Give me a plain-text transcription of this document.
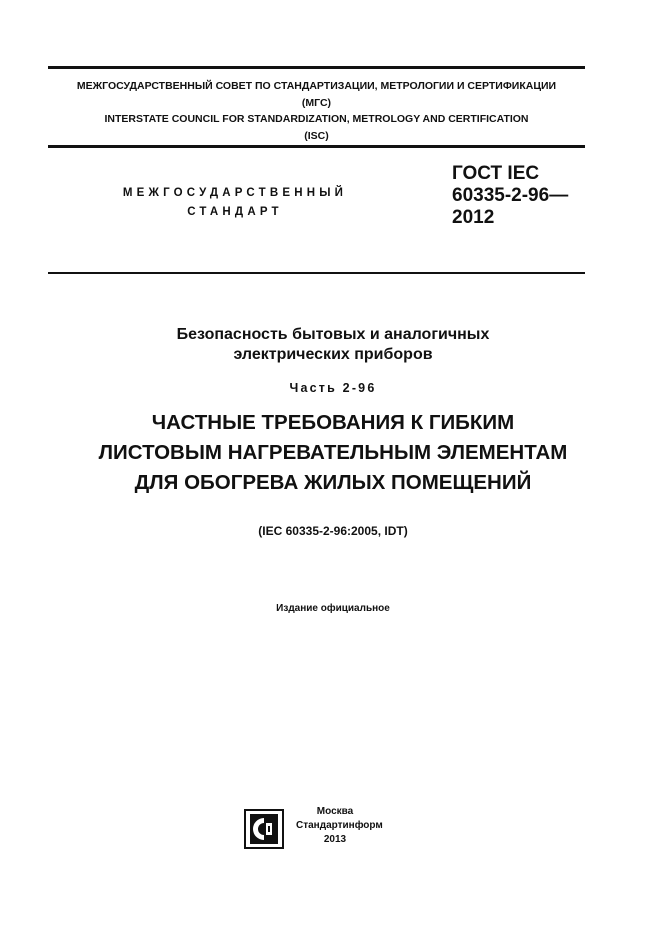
МЕЖГОСУДАРСТВЕННЫЙ СОВЕТ ПО СТАНДАРТИЗАЦИИ, МЕТРОЛОГИИ И СЕРТИФИКАЦИИ
(МГС)
INTERSTATE COUNCIL FOR STANDARDIZATION, METROLOGY AND CERTIFICATION
(ISC)
МЕЖГОСУДАРСТВЕННЫЙ
СТАНДАРТ
ГОСТ IEC
60335-2-96—
2012
Безопасность бытовых и аналогичных
электрических приборов
Часть 2-96
ЧАСТНЫЕ ТРЕБОВАНИЯ К ГИБКИМ
ЛИСТОВЫМ НАГРЕВАТЕЛЬНЫМ ЭЛЕМЕНТАМ
ДЛЯ ОБОГРЕВА ЖИЛЫХ ПОМЕЩЕНИЙ
(IEC 60335-2-96:2005, IDT)
Издание официальное
Москва
Стандартинформ
2013
